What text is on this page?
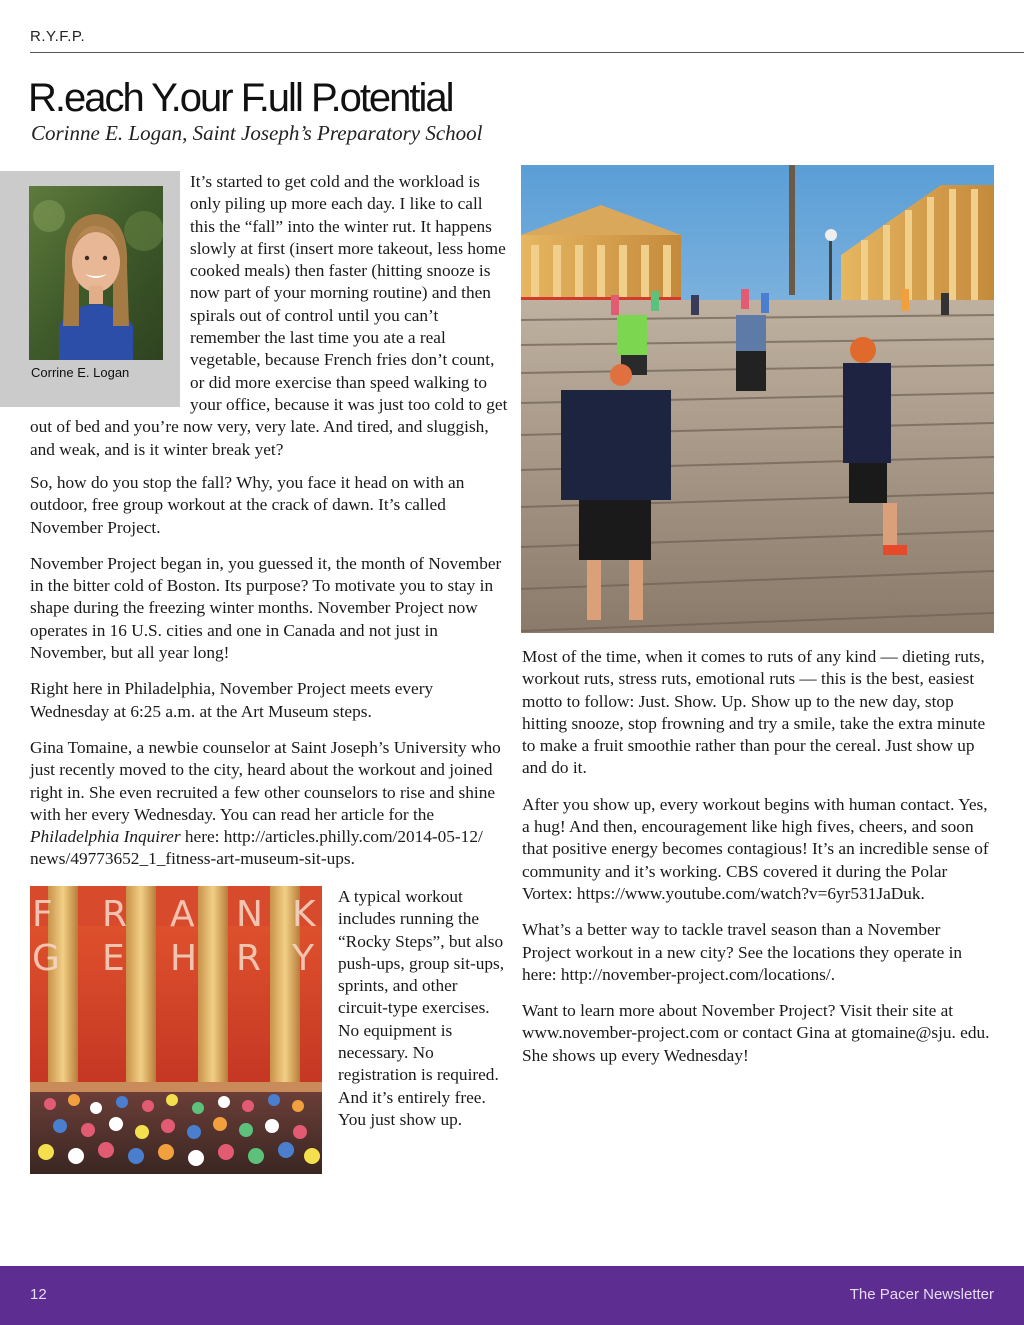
R.Y.F.P.
R.each Y.our F.ull P.otential
Corinne E. Logan, Saint Joseph’s Preparatory School
Corrine E. Logan

It’s started to get cold and the workload is only piling up more each day. I like to call this the “fall” into the winter rut. It happens slowly at first (insert more takeout, less home cooked meals) then faster (hitting snooze is now part of your morning routine) and then spirals out of control until you can’t remember the last time you ate a real vegetable, because French fries don’t count, or did more exercise than speed walking to your office, because it was just too cold to get out of bed and you’re now very, very late. And tired, and sluggish, and weak, and is it winter break yet?

So, how do you stop the fall? Why, you face it head on with an outdoor, free group workout at the crack of dawn. It’s called November Project.

November Project began in, you guessed it, the month of November in the bitter cold of Boston. Its purpose? To motivate you to stay in shape during the freezing winter months. November Project now operates in 16 U.S. cities and one in Canada and not just in November, but all year long!

Right here in Philadelphia, November Project meets every Wednesday at 6:25 a.m. at the Art Museum steps.

Gina Tomaine, a newbie counselor at Saint Joseph’s University who just recently moved to the city, heard about the workout and joined right in. She even recruited a few other counselors to rise and shine with her every Wednesday. You can read her article for the Philadelphia Inquirer here: http://articles.philly.com/2014-05-12/ news/49773652_1_fitness-art-museum-sit-ups.

F R A N K
G E H R Y

A typical workout includes running the “Rocky Steps”, but also push-ups, group sit-ups, sprints, and other circuit-type exercises. No equipment is necessary. No registration is required. And it’s entirely free. You just show up.

Most of the time, when it comes to ruts of any kind — dieting ruts, workout ruts, stress ruts, emotional ruts — this is the best, easiest motto to follow: Just. Show. Up. Show up to the new day, stop hitting snooze, stop frowning and try a smile, take the extra minute to make a fruit smoothie rather than pour the cereal. Just show up and do it.

After you show up, every workout begins with human contact. Yes, a hug! And then, encouragement like high fives, cheers, and soon that positive energy becomes contagious! It’s an incredible sense of community and it’s working. CBS covered it during the Polar Vortex: https://www.youtube.com/watch?v=6yr531JaDuk.

What’s a better way to tackle travel season than a November Project workout in a new city? See the locations they operate in here: http://november-project.com/locations/.

Want to learn more about November Project? Visit their site at www.november-project.com or contact Gina at gtomaine@sju. edu. She shows up every Wednesday!

12	The Pacer Newsletter
